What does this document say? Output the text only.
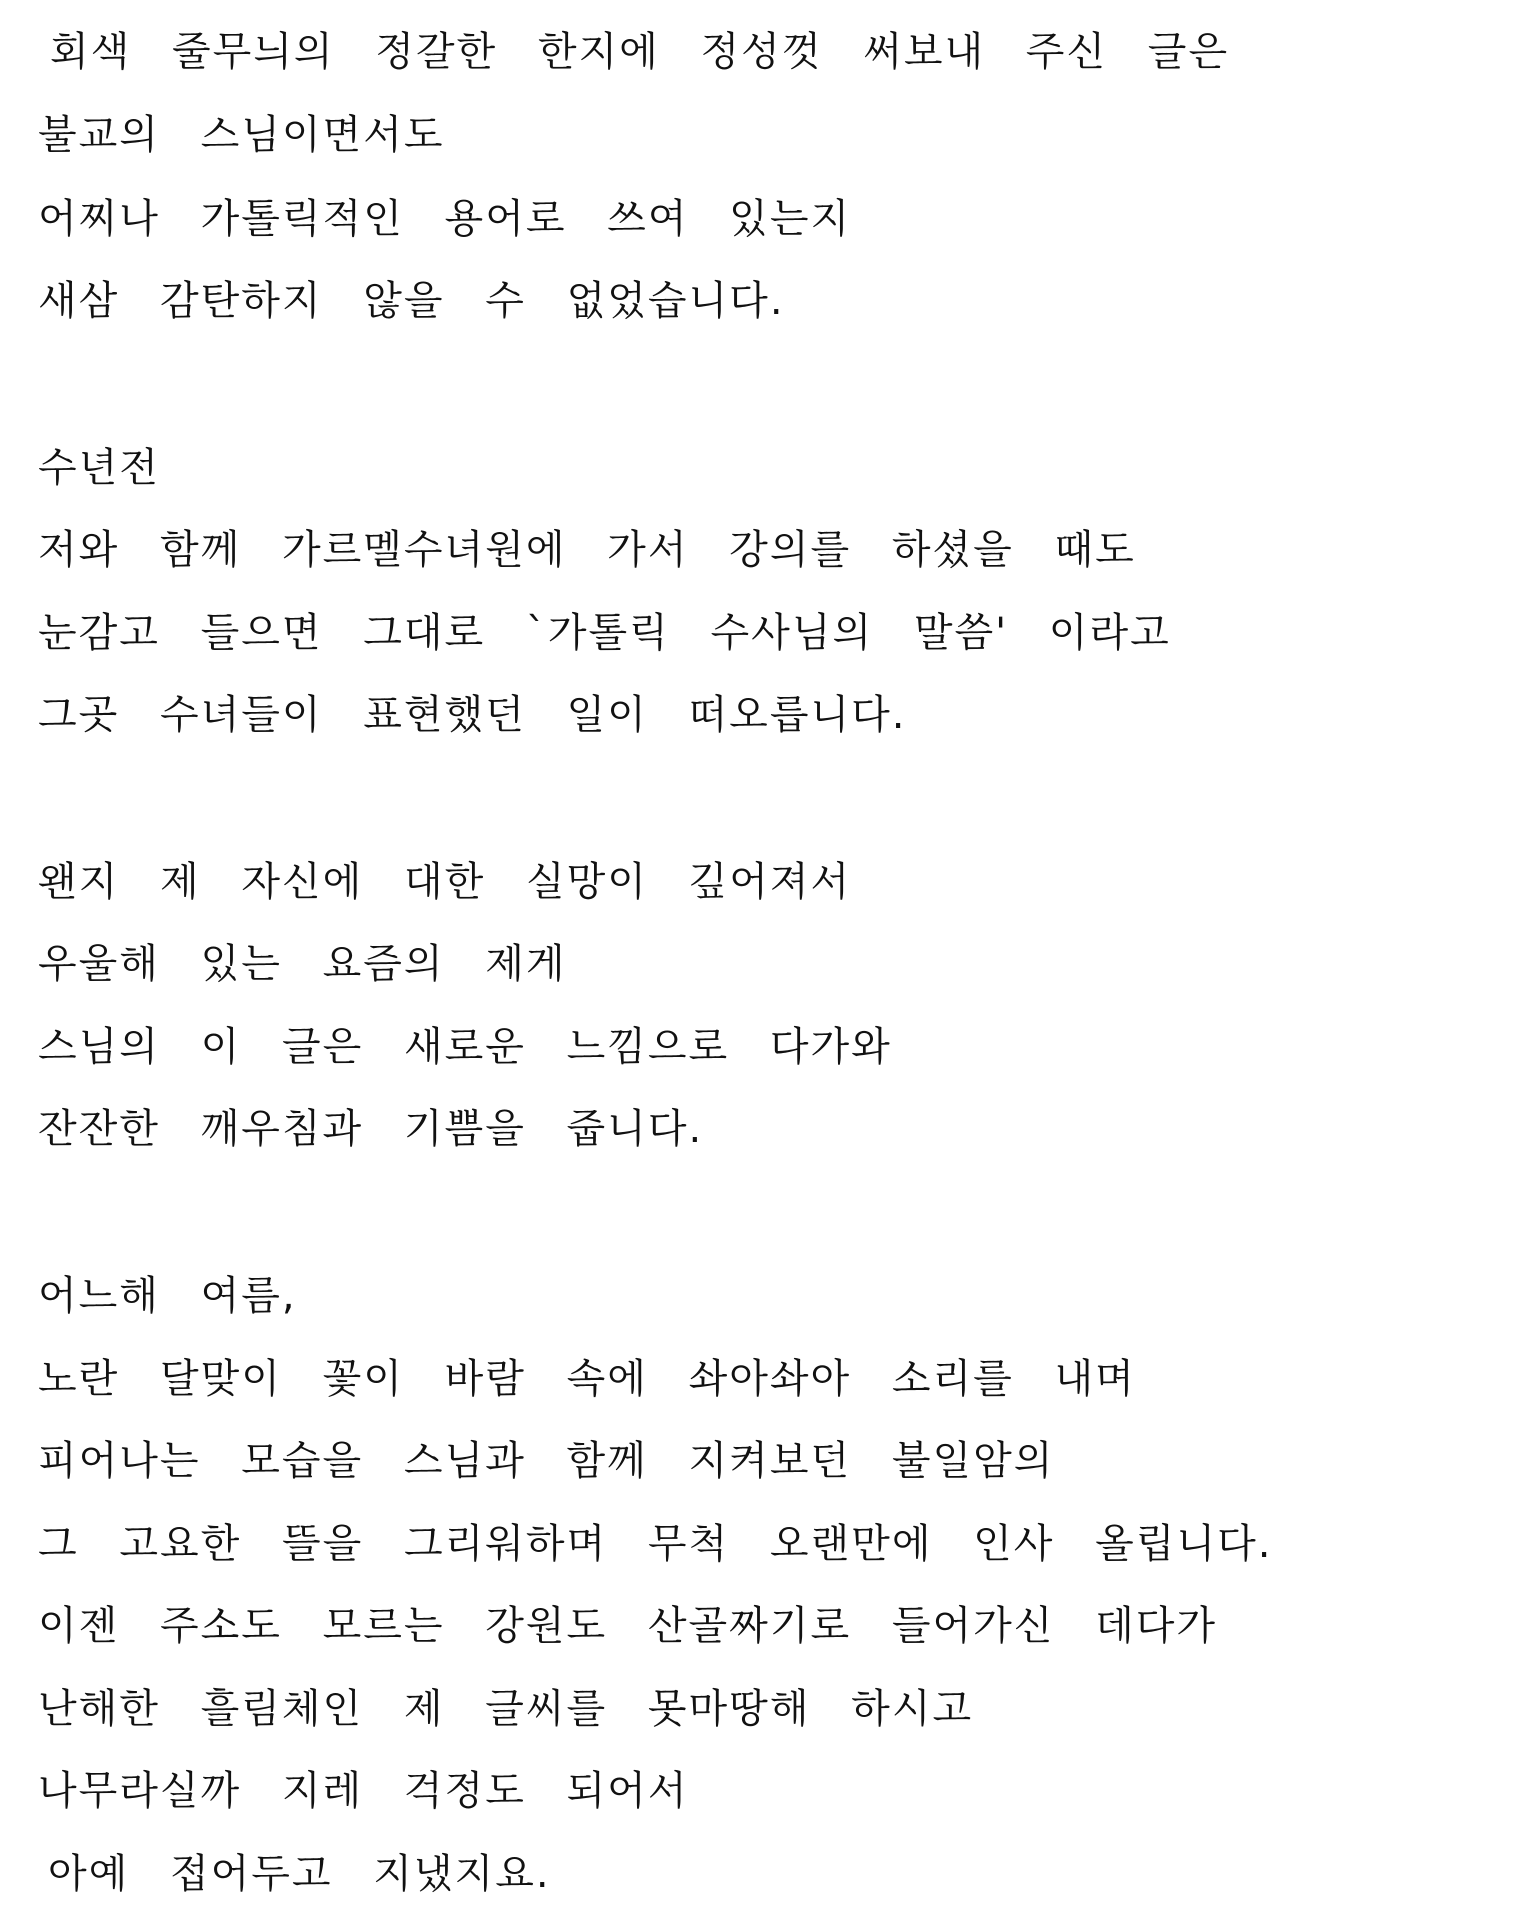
회색 줄무늬의 정갈한 한지에 정성껏 써보내 주신 글은
불교의 스님이면서도
어찌나 가톨릭적인 용어로 쓰여 있는지
새삼 감탄하지 않을 수 없었습니다.
수년전
저와 함께 가르멜수녀원에 가서 강의를 하셨을 때도
눈감고 들으면 그대로 `가톨릭 수사님의 말씀' 이라고
그곳 수녀들이 표현했던 일이 떠오릅니다.
왠지 제 자신에 대한 실망이 깊어져서
우울해 있는 요즘의 제게
스님의 이 글은 새로운 느낌으로 다가와
잔잔한 깨우침과 기쁨을 줍니다.
어느해 여름,
노란 달맞이 꽃이 바람 속에 솨아솨아 소리를 내며
피어나는 모습을 스님과 함께 지켜보던 불일암의
그 고요한 뜰을 그리워하며 무척 오랜만에 인사 올립니다.
이젠 주소도 모르는 강원도 산골짜기로 들어가신 데다가
난해한 흘림체인 제 글씨를 못마땅해 하시고
나무라실까 지레 걱정도 되어서
아예 접어두고 지냈지요.
